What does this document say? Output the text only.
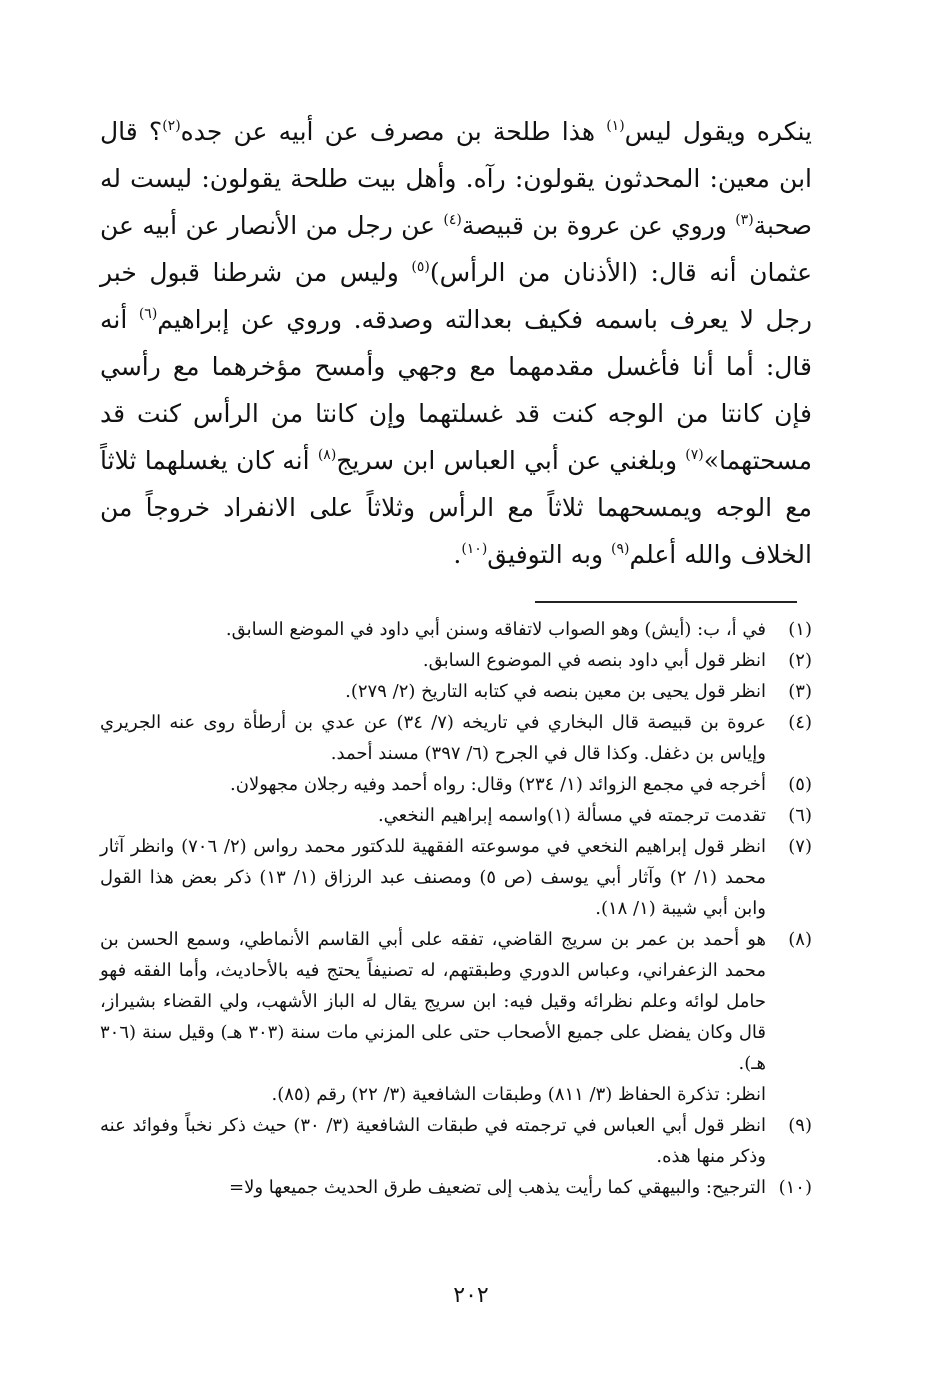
ينكره ويقول ليس$^{(١)}$ هذا طلحة بن مصرف عن أبيه عن جده$^{(٢)}$؟ قال ابن معين: المحدثون يقولون: رآه. وأهل بيت طلحة يقولون: ليست له صحبة$^{(٣)}$ وروي عن عروة بن قبيصة$^{(٤)}$ عن رجل من الأنصار عن أبيه عن عثمان أنه قال: (الأذنان من الرأس)$^{(٥)}$ وليس من شرطنا قبول خبر رجل لا يعرف باسمه فكيف بعدالته وصدقه. وروي عن إبراهيم$^{(٦)}$ أنه قال: أما أنا فأغسل مقدمهما مع وجهي وأمسح مؤخرهما مع رأسي فإن كانتا من الوجه كنت قد غسلتهما وإن كانتا من الرأس كنت قد مسحتهما»$^{(٧)}$ وبلغني عن أبي العباس ابن سريج$^{(٨)}$ أنه كان يغسلهما ثلاثاً مع الوجه ويمسحهما ثلاثاً مع الرأس وثلاثاً على الانفراد خروجاً من الخلاف والله أعلم$^{(٩)}$ وبه التوفيق$^{(١٠)}$.

(١)
في أ، ب: (أيش) وهو الصواب لاتفاقه وسنن أبي داود في الموضع السابق.
(٢)
انظر قول أبي داود بنصه في الموضوع السابق.
(٣)
انظر قول يحيى بن معين بنصه في كتابه التاريخ (٢/ ٢٧٩).
(٤)
عروة بن قبيصة قال البخاري في تاريخه (٧/ ٣٤) عن عدي بن أرطأة روى عنه الجريري وإياس بن دغفل. وكذا قال في الجرح (٦/ ٣٩٧) مسند أحمد.
(٥)
أخرجه في مجمع الزوائد (١/ ٢٣٤) وقال: رواه أحمد وفيه رجلان مجهولان.
(٦)
تقدمت ترجمته في مسألة (١)واسمه إبراهيم النخعي.
(٧)
انظر قول إبراهيم النخعي في موسوعته الفقهية للدكتور محمد رواس (٢/ ٧٠٦) وانظر آثار محمد (١/ ٢) وآثار أبي يوسف (ص ٥) ومصنف عبد الرزاق (١/ ١٣) ذكر بعض هذا القول وابن أبي شيبة (١/ ١٨).
(٨)
هو أحمد بن عمر بن سريج القاضي، تفقه على أبي القاسم الأنماطي، وسمع الحسن بن محمد الزعفراني، وعباس الدوري وطبقتهم، له تصنيفاً يحتج فيه بالأحاديث، وأما الفقه فهو حامل لوائه وعلم نظرائه وقيل فيه: ابن سريج يقال له الباز الأشهب، ولي القضاء بشيراز، قال وكان يفضل على جميع الأصحاب حتى على المزني مات سنة (٣٠٣ هـ) وقيل سنة (٣٠٦ هـ).
انظر: تذكرة الحفاظ (٣/ ٨١١) وطبقات الشافعية (٣/ ٢٢) رقم (٨٥).
(٩)
انظر قول أبي العباس في ترجمته في طبقات الشافعية (٣/ ٣٠) حيث ذكر نخباً وفوائد عنه وذكر منها هذه.
(١٠)
الترجيح: والبيهقي كما رأيت يذهب إلى تضعيف طرق الحديث جميعها ولا=
٢٠٢
